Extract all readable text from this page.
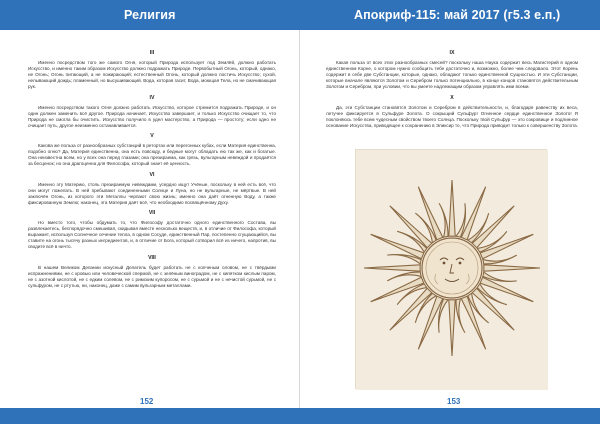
Религия
III

Именно посредством того же самого Огня, который Природа использует под Землёй, должно работать Искусство, и именно таким образом Искусство должно подражать Природе. Первобытный Огонь, который, однако, не Огонь; Огонь питающий, а не пожирающий; естественный Огонь, который должно постичь Искусство; сухой, нелывающий дождь; пламенный, но высушивающий. Вода, которая гасит, Вода, моющая Тела, но не смачивающая рук.

IV

Именно посредством такого Огня должно работать Искусство, которое стремится подражать Природе, и он один должен заменить всё другое. Природа начинает, Искусство завершает, и только Искусство очищает то, что Природа не смогла бы очистить. Искусство получило в удел мастерство, а Природа — простоту; если одно не очищает путь, другое неизменно останавливается.

V

Какова же польза от разнообразных субстанций в ретортах или перегонных кубах, если Материя единственна, подобно огню? Да, Материя единственна, она есть повсюду, и бедные могут обладать ею так же, как и богатые. Она неизвестна всем, но у всех она перед глазами; она презираема, как грязь, вульгарным невеждой и продаётся за бесценок; но она драгоценна для Философа, который знает её ценность.

VI

Именно эту Материю, столь презираемую невеждами, усердно ищут Учёные, поскольку в ней есть всё, что они могут пожелать. В ней пребывают соединенными Солнце и Луна, но не вульгарные, не мёртвые. В ней заключён Огонь, из которого эти Металлы черпают свою жизнь; именно она даёт огненную Воду, а также фиксированную Землю; наконец, эта Материя даёт всё, что необходимо посвящённому Духу.

VII

Но вместо того, чтобы обдумать то, что Философу достаточно одного единственного Состава, вы развлекаетесь, беспорядочно смешивая, скидывая вместе несколько веществ, и, в отличие от Философа, который выражает, используя Солнечное сечение тепла, в одном Сосуде, единственный Пар, постепенно сгущающийся, вы ставите на огонь тысячу разных ингредиентов, и, в отличие от Бога, который сотворил всё из ничего, напротив, вы сводите всё в ничто.

VIII

В нашем Великом Делании искусный Делатель будет работать не с копченым оловом, не с твёрдыми испражнениями, не с кровью или человеческой спермой, не с зелёным виноградом, не с кипятком кислым паром, не с азотной кислотой, не с едким солевом, не с римским купоросом, не с сурьмой и не с нечистой сурьмой, не с сульфуром, не с ртутью, ни, наконец, даже с самим вульгарным металлами.

152
Апокриф-115: май 2017 (г5.3 е.п.)
IX

Какая польза от всех этих разнообразных смесей? поскольку наша Наука содержит весь Магистерий в одном единственном Корне, о котором нужно сообщить тебе достаточно и, возможно, более чем следовало. Этот Корень содержит в себе две Субстанции, которые, однако, обладают только единственной Сущностью. И эти Субстанции, которые вначале являются Золотом и Серебром только потенциально, в конце концов становятся действительным Золотом и Серебром, при условии, что вы умеете надлежащим образом управлять ими всеми.

X

Да, эти Субстанции становятся Золотом и Серебром в действительности, и, благодаря равенству их веса, летучее фиксируется в Сульфуре Золота. О сокрыщий Сульфур! Огненное сердце единственное Золото! Я поклоняюсь тебе всем чудесным свойством твоего Солнца. Поскольку твой Сульфур — это сокровище и подлинное основание Искусства, приводящее к сохранению в Эликсир то, что Природа приводит только к совершенству Золота.

153
